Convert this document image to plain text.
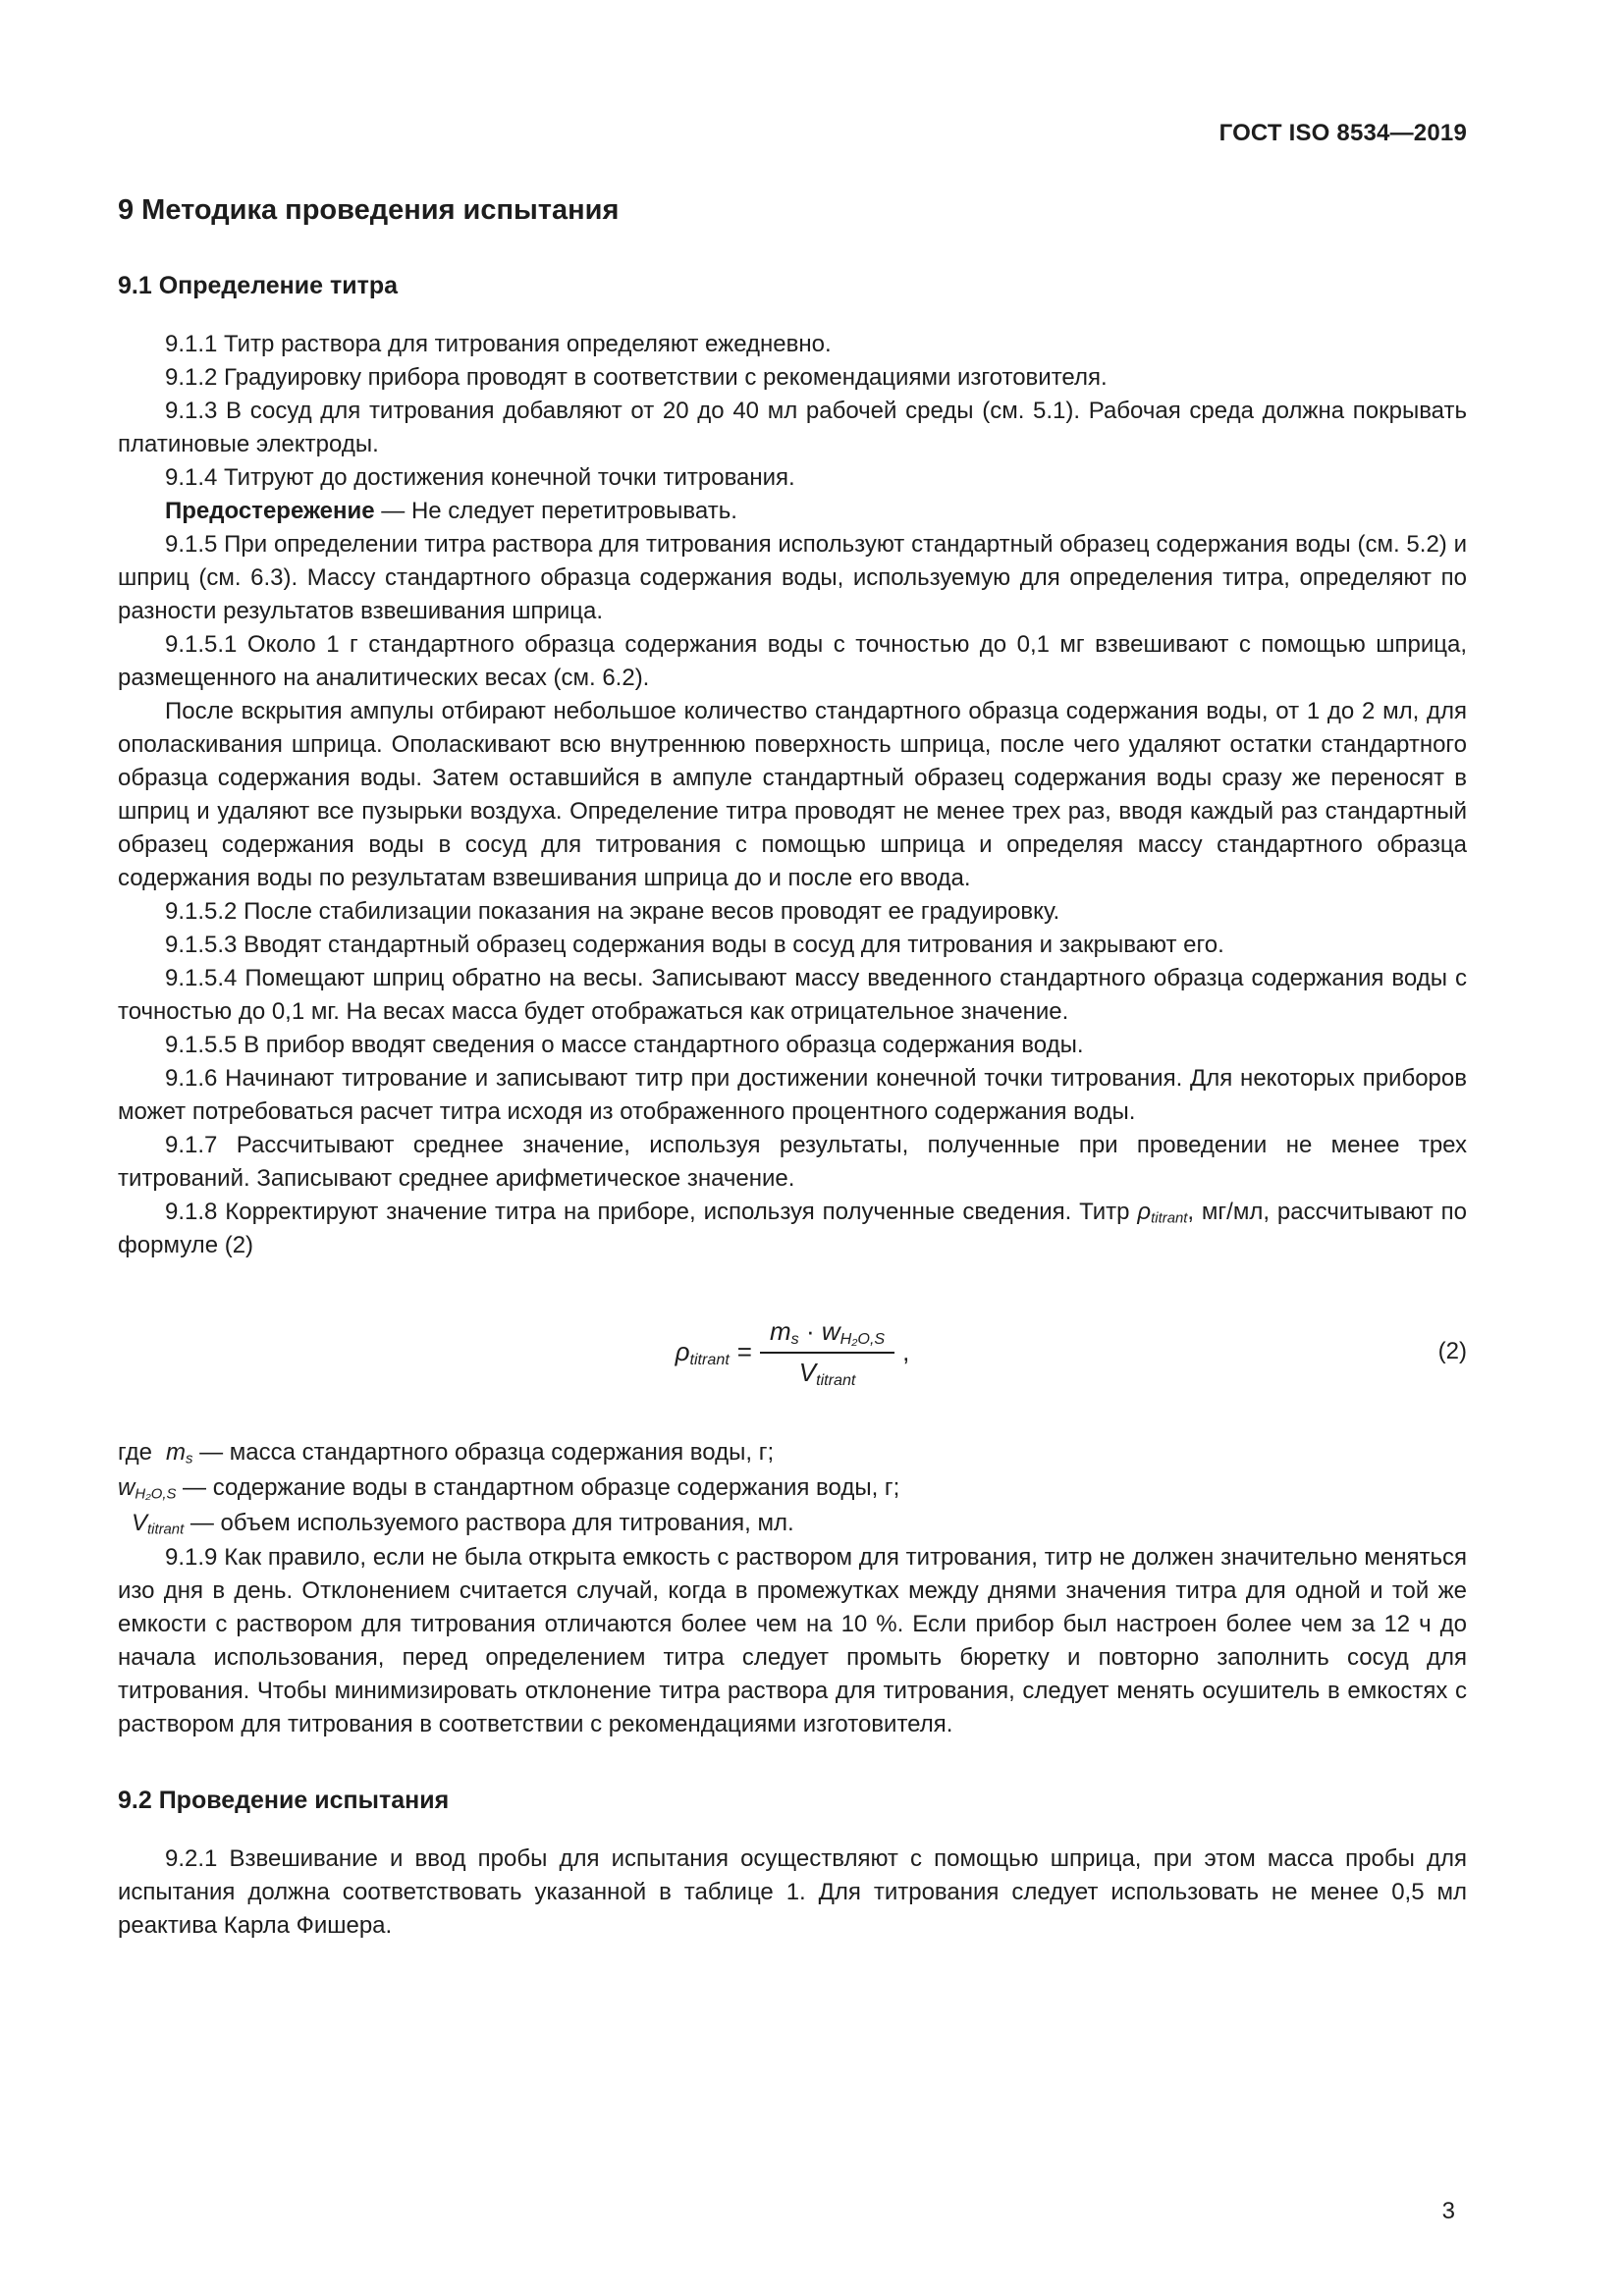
ГОСТ ISO 8534—2019
9 Методика проведения испытания
9.1 Определение титра

9.1.1 Титр раствора для титрования определяют ежедневно.

9.1.2 Градуировку прибора проводят в соответствии с рекомендациями изготовителя.

9.1.3 В сосуд для титрования добавляют от 20 до 40 мл рабочей среды (см. 5.1). Рабочая среда должна покрывать платиновые электроды.

9.1.4 Титруют до достижения конечной точки титрования.

Предостережение — Не следует перетитровывать.

9.1.5 При определении титра раствора для титрования используют стандартный образец содержания воды (см. 5.2) и шприц (см. 6.3). Массу стандартного образца содержания воды, используемую для определения титра, определяют по разности результатов взвешивания шприца.

9.1.5.1 Около 1 г стандартного образца содержания воды с точностью до 0,1 мг взвешивают с помощью шприца, размещенного на аналитических весах (см. 6.2).

После вскрытия ампулы отбирают небольшое количество стандартного образца содержания воды, от 1 до 2 мл, для ополаскивания шприца. Ополаскивают всю внутреннюю поверхность шприца, после чего удаляют остатки стандартного образца содержания воды. Затем оставшийся в ампуле стандартный образец содержания воды сразу же переносят в шприц и удаляют все пузырьки воздуха. Определение титра проводят не менее трех раз, вводя каждый раз стандартный образец содержания воды в сосуд для титрования с помощью шприца и определяя массу стандартного образца содержания воды по результатам взвешивания шприца до и после его ввода.

9.1.5.2 После стабилизации показания на экране весов проводят ее градуировку.

9.1.5.3 Вводят стандартный образец содержания воды в сосуд для титрования и закрывают его.

9.1.5.4 Помещают шприц обратно на весы. Записывают массу введенного стандартного образца содержания воды с точностью до 0,1 мг. На весах масса будет отображаться как отрицательное значение.

9.1.5.5 В прибор вводят сведения о массе стандартного образца содержания воды.

9.1.6 Начинают титрование и записывают титр при достижении конечной точки титрования. Для некоторых приборов может потребоваться расчет титра исходя из отображенного процентного содержания воды.

9.1.7 Рассчитывают среднее значение, используя результаты, полученные при проведении не менее трех титрований. Записывают среднее арифметическое значение.

9.1.8 Корректируют значение титра на приборе, используя полученные сведения. Титр $\rho_{titrant}$, мг/мл, рассчитывают по формуле (2)

$\rho_{titrant} = \frac{m_s \cdot w_{H_2O,S}}{V_{titrant}}$ ,	(2)

где $m_s$ — масса стандартного образца содержания воды, г;

$w_{H_2O,S}$ — содержание воды в стандартном образце содержания воды, г;

$V_{titrant}$ — объем используемого раствора для титрования, мл.

9.1.9 Как правило, если не была открыта емкость с раствором для титрования, титр не должен значительно меняться изо дня в день. Отклонением считается случай, когда в промежутках между днями значения титра для одной и той же емкости с раствором для титрования отличаются более чем на 10 %. Если прибор был настроен более чем за 12 ч до начала использования, перед определением титра следует промыть бюретку и повторно заполнить сосуд для титрования. Чтобы минимизировать отклонение титра раствора для титрования, следует менять осушитель в емкостях с раствором для титрования в соответствии с рекомендациями изготовителя.

9.2 Проведение испытания

9.2.1 Взвешивание и ввод пробы для испытания осуществляют с помощью шприца, при этом масса пробы для испытания должна соответствовать указанной в таблице 1. Для титрования следует использовать не менее 0,5 мл реактива Карла Фишера.

3
